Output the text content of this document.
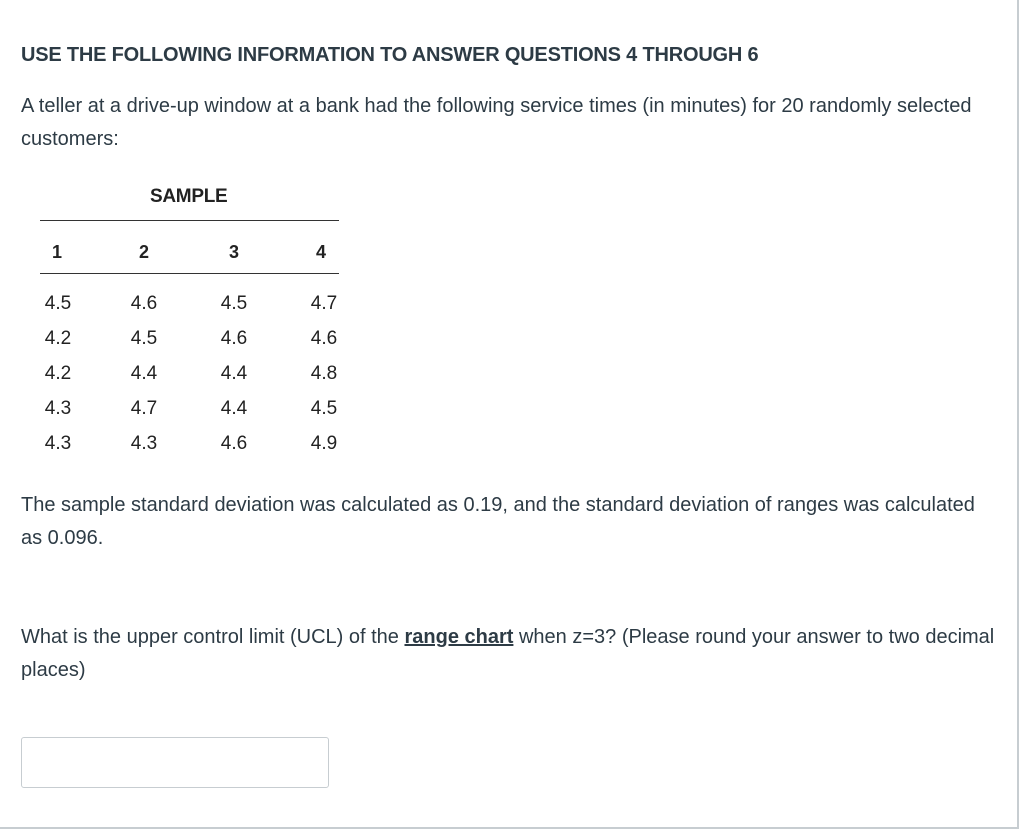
USE THE FOLLOWING INFORMATION TO ANSWER QUESTIONS 4 THROUGH 6
A teller at a drive-up window at a bank had the following service times (in minutes) for 20 randomly selected customers:
SAMPLE
1	2	3	4
4.5	4.6	4.5	4.7
4.2	4.5	4.6	4.6
4.2	4.4	4.4	4.8
4.3	4.7	4.4	4.5
4.3	4.3	4.6	4.9
The sample standard deviation was calculated as 0.19, and the standard deviation of ranges was calculated as 0.096.
What is the upper control limit (UCL) of the range chart when z=3? (Please round your answer to two decimal places)
